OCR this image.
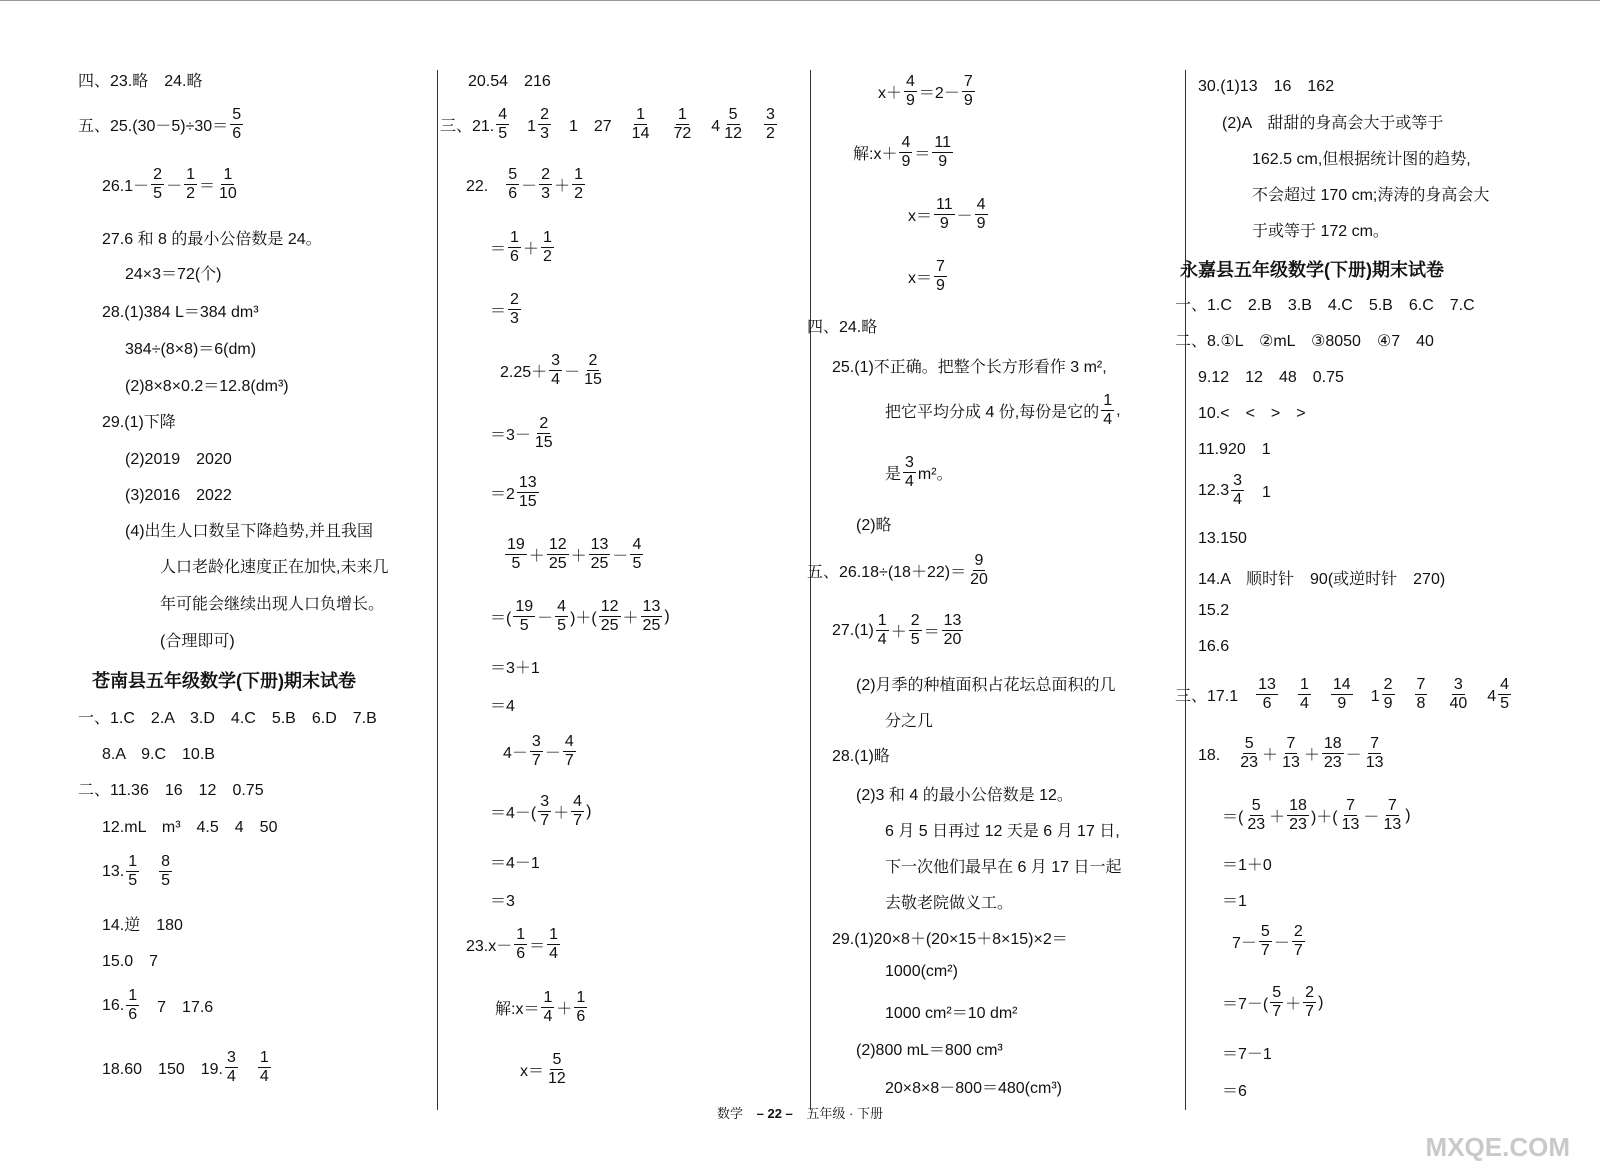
四、23.略　24.略
五、$25.(30-5)\div 30= \frac{5}{6}$
$26.1- \frac{2}{5} - \frac{1}{2} = \frac{1}{10}$
27.6 和 8 的最小公倍数是 24。
24×3＝72(个)
28.(1)384 L＝384 dm³
384÷(8×8)＝6(dm)
(2)8×8×0.2＝12.8(dm³)
29.(1)下降
(2)2019　2020
(3)2016　2022
(4)出生人口数呈下降趋势,并且我国
人口老龄化速度正在加快,未来几
年可能会继续出现人口负增长。
(合理即可)
苍南县五年级数学(下册)期末试卷
一、1.C　2.A　3.D　4.C　5.B　6.D　7.B
8.A　9.C　10.B
二、11.36　16　12　0.75
12.mL　m³　4.5　4　50
13. $\frac{1}{5}$
　 $\frac{8}{5}$
14.逆　180
15.0　7
16. $\frac{1}{6}$ 　7　17.6
18.60　150　19. $\frac{3}{4}$
　 $\frac{1}{4}$
20.54　216
三、21. $\frac{4}{5}$ 　$1 \frac{2}{3}$ 　1　27　 $\frac{1}{14}$
　 $\frac{1}{72}$ 　$4 \frac{5}{12}$
　 $\frac{3}{2}$
22.　 $\frac{5}{6} - \frac{2}{3} + \frac{1}{2}$
＝ $\frac{1}{6} + \frac{1}{2}$
＝ $\frac{2}{3}$
$2.25+ \frac{3}{4} - \frac{2}{15}$
$=3- \frac{2}{15}$
$=2 \frac{13}{15}$
$\frac{19}{5} + \frac{12}{25} + \frac{13}{25} - \frac{4}{5}$
＝( $\frac{19}{5} - \frac{4}{5}$ )＋( $\frac{12}{25} + \frac{13}{25}$ )
＝3＋1
＝4
$4- \frac{3}{7} - \frac{4}{7}$
$=4-( \frac{3}{7} + \frac{4}{7}$ )
＝4－1
＝3
$23.x- \frac{1}{6} = \frac{1}{4}$
解:x＝ $\frac{1}{4} + \frac{1}{6}$
$x= \frac{5}{12}$
$x+ \frac{4}{9} =2- \frac{7}{9}$
解:x＋ $\frac{4}{9} = \frac{11}{9}$
$x= \frac{11}{9} - \frac{4}{9}$
$x= \frac{7}{9}$
四、24.略
25.(1)不正确。把整个长方形看作 3 m²,
把它平均分成 4 份,每份是它的 $\frac{1}{4}$ ,
是 $\frac{3}{4} m^2$。
(2)略
五、$26.18\div(18+22)= \frac{9}{20}$
$27.(1) \frac{1}{4} + \frac{2}{5} = \frac{13}{20}$
(2)月季的种植面积占花坛总面积的几
分之几
28.(1)略
(2)3 和 4 的最小公倍数是 12。
6 月 5 日再过 12 天是 6 月 17 日,
下一次他们最早在 6 月 17 日一起
去敬老院做义工。
29.(1)20×8＋(20×15＋8×15)×2＝
1000(cm²)
1000 cm²＝10 dm²
(2)800 mL＝800 cm³
20×8×8－800＝480(cm³)
30.(1)13　16　162
(2)A　甜甜的身高会大于或等于
162.5 cm,但根据统计图的趋势,
不会超过 170 cm;涛涛的身高会大
于或等于 172 cm。
永嘉县五年级数学(下册)期末试卷
一、1.C　2.B　3.B　4.C　5.B　6.C　7.C
二、8.①L　②mL　③8050　④7　40
9.12　12　48　0.75
10.<　<　>　>
11.920　1
$12.3 \frac{3}{4}$ 　1
13.150
14.A　顺时针　90(或逆时针　270)
15.2
16.6
三、17.1　 $\frac{13}{6}$
　 $\frac{1}{4}$
　 $\frac{14}{9}$ 　$1 \frac{2}{9}$
　 $\frac{7}{8}$
　 $\frac{3}{40}$ 　$4 \frac{4}{5}$
18.　 $\frac{5}{23} + \frac{7}{13} + \frac{18}{23} - \frac{7}{13}$
＝( $\frac{5}{23} + \frac{18}{23}$ )＋( $\frac{7}{13} - \frac{7}{13}$ )
＝1＋0
＝1
$7- \frac{5}{7} - \frac{2}{7}$
$=7-( \frac{5}{7} + \frac{2}{7}$ )
＝7－1
＝6
数学 – 22 – 五年级 · 下册
MXQE.COM
